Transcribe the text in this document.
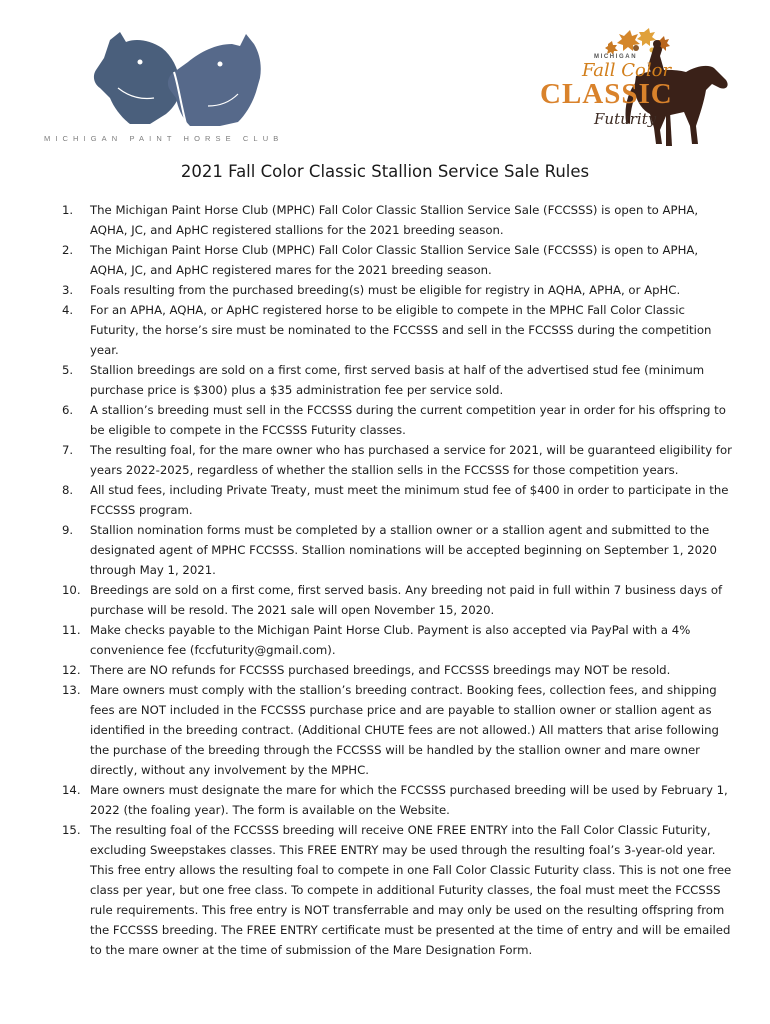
MICHIGAN PAINT HORSE CLUB
MICHIGAN
Fall Color
CLASSIC
Futurity
2021 Fall Color Classic Stallion Service Sale Rules
1.	The Michigan Paint Horse Club (MPHC) Fall Color Classic Stallion Service Sale (FCCSSS) is open to APHA, AQHA, JC, and ApHC registered stallions for the 2021 breeding season.
2.	The Michigan Paint Horse Club (MPHC) Fall Color Classic Stallion Service Sale (FCCSSS) is open to APHA, AQHA, JC, and ApHC registered mares for the 2021 breeding season.
3.	Foals resulting from the purchased breeding(s) must be eligible for registry in AQHA, APHA, or ApHC.
4.	For an APHA, AQHA, or ApHC registered horse to be eligible to compete in the MPHC Fall Color Classic Futurity, the horse’s sire must be nominated to the FCCSSS and sell in the FCCSSS during the competition year.
5.	Stallion breedings are sold on a first come, first served basis at half of the advertised stud fee (minimum purchase price is $300) plus a $35 administration fee per service sold.
6.	A stallion’s breeding must sell in the FCCSSS during the current competition year in order for his offspring to be eligible to compete in the FCCSSS Futurity classes.
7.	The resulting foal, for the mare owner who has purchased a service for 2021, will be guaranteed eligibility for years 2022-2025, regardless of whether the stallion sells in the FCCSSS for those competition years.
8.	All stud fees, including Private Treaty, must meet the minimum stud fee of $400 in order to participate in the FCCSSS program.
9.	Stallion nomination forms must be completed by a stallion owner or a stallion agent and submitted to the designated agent of MPHC FCCSSS. Stallion nominations will be accepted beginning on September 1, 2020 through May 1, 2021.
10. Breedings are sold on a first come, first served basis. Any breeding not paid in full within 7 business days of purchase will be resold. The 2021 sale will open November 15, 2020.
11. Make checks payable to the Michigan Paint Horse Club. Payment is also accepted via PayPal with a 4% convenience fee (fccfuturity@gmail.com).
12. There are NO refunds for FCCSSS purchased breedings, and FCCSSS breedings may NOT be resold.
13. Mare owners must comply with the stallion’s breeding contract. Booking fees, collection fees, and shipping fees are NOT included in the FCCSSS purchase price and are payable to stallion owner or stallion agent as identified in the breeding contract. (Additional CHUTE fees are not allowed.) All matters that arise following the purchase of the breeding through the FCCSSS will be handled by the stallion owner and mare owner directly, without any involvement by the MPHC.
14. Mare owners must designate the mare for which the FCCSSS purchased breeding will be used by February 1, 2022 (the foaling year). The form is available on the Website.
15. The resulting foal of the FCCSSS breeding will receive ONE FREE ENTRY into the Fall Color Classic Futurity, excluding Sweepstakes classes. This FREE ENTRY may be used through the resulting foal’s 3-year-old year. This free entry allows the resulting foal to compete in one Fall Color Classic Futurity class. This is not one free class per year, but one free class. To compete in additional Futurity classes, the foal must meet the FCCSSS rule requirements. This free entry is NOT transferrable and may only be used on the resulting offspring from the FCCSSS breeding. The FREE ENTRY certificate must be presented at the time of entry and will be emailed to the mare owner at the time of submission of the Mare Designation Form.
